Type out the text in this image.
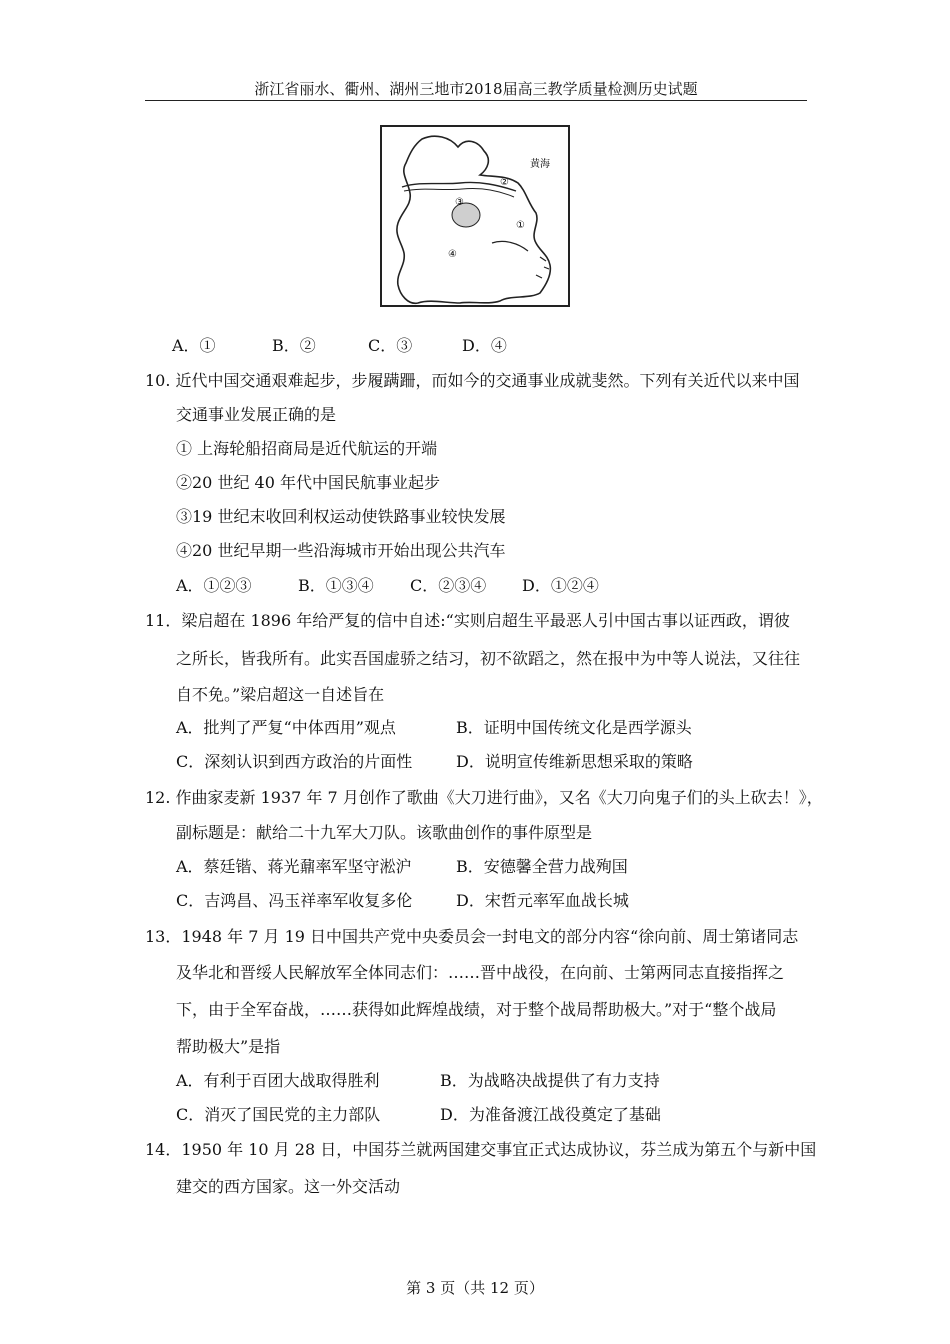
浙江省丽水、衢州、湖州三地市2018届高三教学质量检测历史试题
黄海
②
③
①
④
A．①	B．②	C．③	D．④
10. 近代中国交通艰难起步，步履蹒跚，而如今的交通事业成就斐然。下列有关近代以来中国
交通事业发展正确的是
① 上海轮船招商局是近代航运的开端
②20 世纪 40 年代中国民航事业起步
③19 世纪末收回利权运动使铁路事业较快发展
④20 世纪早期一些沿海城市开始出现公共汽车
A．①②③	B．①③④ C．②③④ D．①②④
11．梁启超在 1896 年给严复的信中自述:“实则启超生平最恶人引中国古事以证西政，谓彼
之所长，皆我所有。此实吾国虚骄之结习，初不欲蹈之，然在报中为中等人说法，又往往
自不免。”梁启超这一自述旨在
A．批判了严复“中体西用”观点	B．证明中国传统文化是西学源头
C．深刻认识到西方政治的片面性	D．说明宣传维新思想采取的策略
12. 作曲家麦新 1937 年 7 月创作了歌曲《大刀进行曲》，又名《大刀向鬼子们的头上砍去！》，
副标题是：献给二十九军大刀队。该歌曲创作的事件原型是
A．蔡廷锴、蒋光鼐率军坚守淞沪	B．安德馨全营力战殉国
C．吉鸿昌、冯玉祥率军收复多伦	D．宋哲元率军血战长城
13．1948 年 7 月 19 日中国共产党中央委员会一封电文的部分内容“徐向前、周士第诸同志
及华北和晋绥人民解放军全体同志们：……晋中战役，在向前、士第两同志直接指挥之
下，由于全军奋战，……获得如此辉煌战绩，对于整个战局帮助极大。”对于“整个战局
帮助极大”是指
A．有利于百团大战取得胜利	B．为战略决战提供了有力支持
C．消灭了国民党的主力部队	D．为准备渡江战役奠定了基础
14．1950 年 10 月 28 日，中国芬兰就两国建交事宜正式达成协议，芬兰成为第五个与新中国
建交的西方国家。这一外交活动
第 3 页（共 12 页）
